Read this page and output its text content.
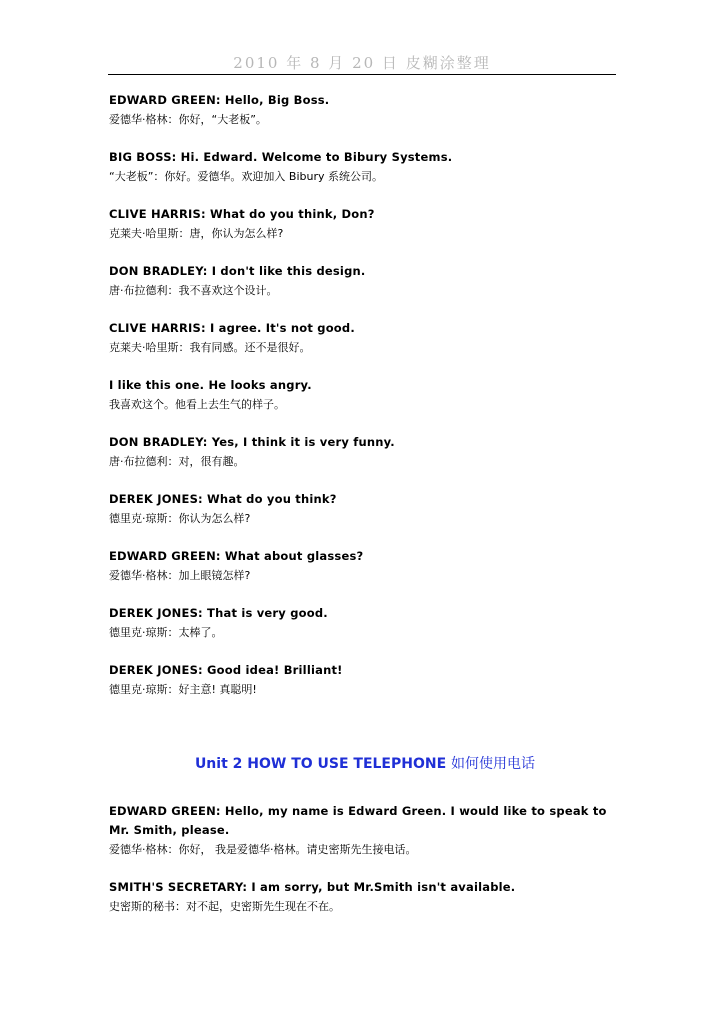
2010 年 8 月 20 日 皮糊涂整理
EDWARD GREEN: Hello, Big Boss.
爱德华·格林：你好，“大老板”。
BIG BOSS: Hi. Edward. Welcome to Bibury Systems.
“大老板”：你好。爱德华。欢迎加入 Bibury 系统公司。
CLIVE HARRIS: What do you think, Don?
克莱夫·哈里斯：唐，你认为怎么样?
DON BRADLEY: I don't like this design.
唐·布拉德利：我不喜欢这个设计。
CLIVE HARRIS: I agree. It's not good.
克莱夫·哈里斯：我有同感。还不是很好。
I like this one. He looks angry.
我喜欢这个。他看上去生气的样子。
DON BRADLEY: Yes, I think it is very funny.
唐·布拉德利：对，很有趣。
DEREK JONES: What do you think?
德里克·琼斯：你认为怎么样?
EDWARD GREEN: What about glasses?
爱德华·格林：加上眼镜怎样?
DEREK JONES: That is very good.
德里克·琼斯：太棒了。
DEREK JONES: Good idea! Brilliant!
德里克·琼斯：好主意! 真聪明!
Unit 2 HOW TO USE TELEPHONE 如何使用电话
EDWARD GREEN: Hello, my name is Edward Green. I would like to speak to Mr. Smith, please.
爱德华·格林：你好， 我是爱德华·格林。请史密斯先生接电话。
SMITH'S SECRETARY: I am sorry, but Mr.Smith isn't available.
史密斯的秘书：对不起，史密斯先生现在不在。
